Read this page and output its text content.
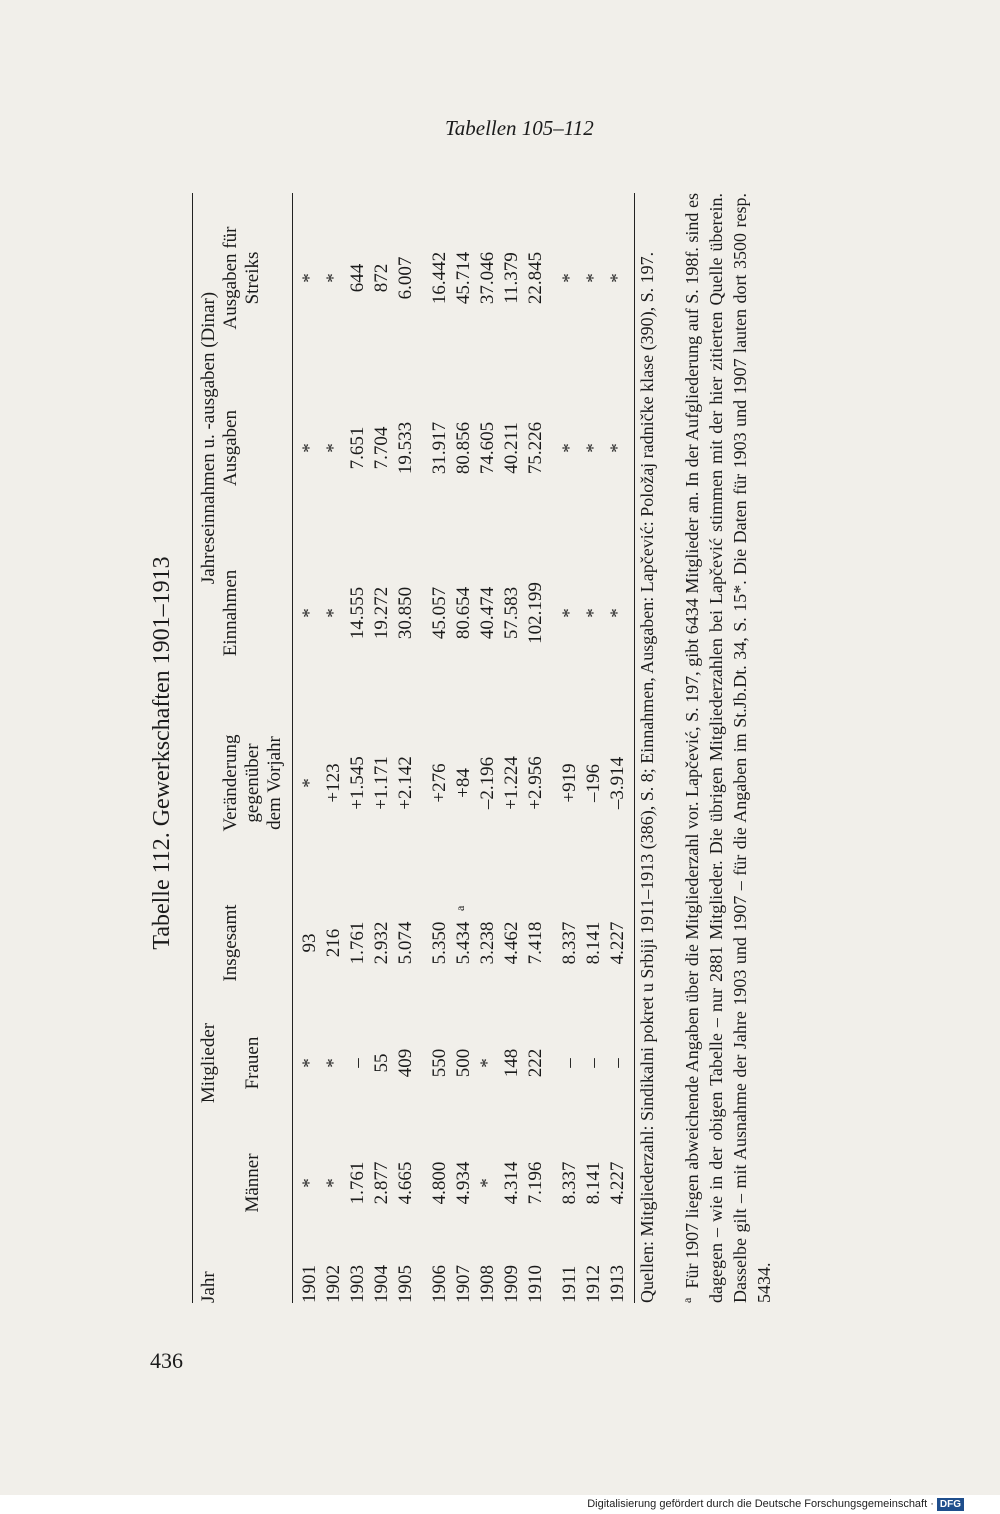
Tabellen 105–112
436
Tabelle 112. Gewerkschaften 1901–1913
Jahr
Mitglieder
Jahreseinnahmen u. -ausgaben (Dinar)
Männer
Frauen
Insgesamt
Veränderung gegenüber dem Vorjahr
Einnahmen
Ausgaben
Ausgaben für Streiks
1901
*
*
93
*
*
*
*
1902
*
*
216
+123
*
*
*
1903
1.761
–
1.761
+1.545
14.555
7.651
644
1904
2.877
55
2.932
+1.171
19.272
7.704
872
1905
4.665
409
5.074
+2.142
30.850
19.533
6.007
1906
4.800
550
5.350
+276
45.057
31.917
16.442
1907
4.934
500
5.434
a
+84
80.654
80.856
45.714
1908
*
*
3.238
–2.196
40.474
74.605
37.046
1909
4.314
148
4.462
+1.224
57.583
40.211
11.379
1910
7.196
222
7.418
+2.956
102.199
75.226
22.845
1911
8.337
–
8.337
+919
*
*
*
1912
8.141
–
8.141
–196
*
*
*
1913
4.227
–
4.227
–3.914
*
*
* Quellen: Mitgliederzahl: Sindikalni pokret u Srbiji 1911–1913 (386), S. 8; Einnahmen, Ausgaben: Lapčević: Položaj radničke klase (390), S. 197.	$^a$  Für 1907 liegen abweichende Angaben über die Mitgliederzahl vor. Lapčević, S. 197, gibt 6434 Mitglieder an. In der Aufgliederung auf S. 198f. sind es dagegen – wie in der obigen Tabelle – nur 2881 Mitglieder. Die übrigen Mitgliederzahlen bei Lapčević stimmen mit der hier zitierten Quelle überein. Dasselbe gilt – mit Ausnahme der Jahre 1903 und 1907 – für die Angaben im St.Jb.Dt. 34, S. 15*. Die Daten für 1903 und 1907 lauten dort 3500 resp. 5434.

Digitalisierung gefördert durch die Deutsche Forschungsgemeinschaft · DFG
